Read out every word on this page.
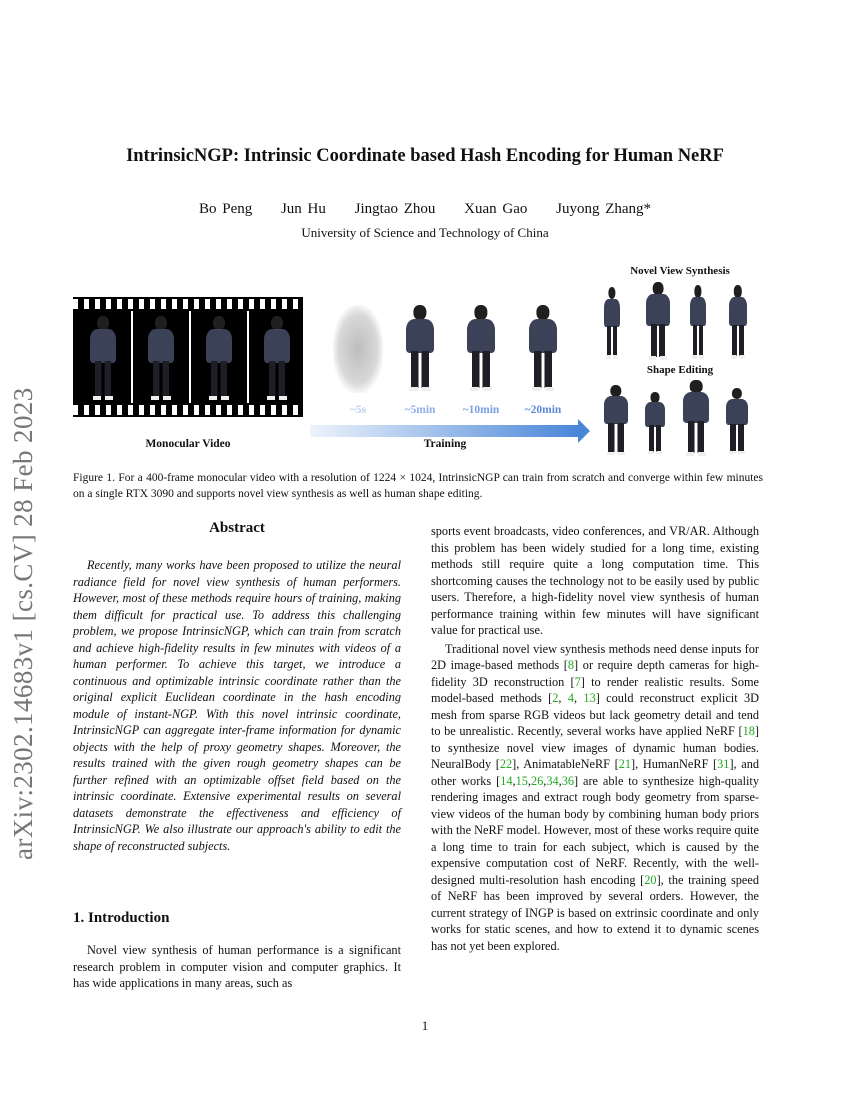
arXiv:2302.14683v1 [cs.CV] 28 Feb 2023
IntrinsicNGP: Intrinsic Coordinate based Hash Encoding for Human NeRF
Bo Peng     Jun Hu     Jingtao Zhou     Xuan Gao     Juyong Zhang*
University of Science and Technology of China
Monocular Video
~5s	~5min	~10min	~20min
Training
Novel View Synthesis
Shape Editing
Figure 1. For a 400-frame monocular video with a resolution of 1224 × 1024, IntrinsicNGP can train from scratch and converge within few minutes on a single RTX 3090 and supports novel view synthesis as well as human shape editing.
Abstract

Recently, many works have been proposed to utilize the neural radiance field for novel view synthesis of human performers. However, most of these methods require hours of training, making them difficult for practical use. To address this challenging problem, we propose IntrinsicNGP, which can train from scratch and achieve high-fidelity results in few minutes with videos of a human performer. To achieve this target, we introduce a continuous and optimizable intrinsic coordinate rather than the original explicit Euclidean coordinate in the hash encoding module of instant-NGP. With this novel intrinsic coordinate, IntrinsicNGP can aggregate inter-frame information for dynamic objects with the help of proxy geometry shapes. Moreover, the results trained with the given rough geometry shapes can be further refined with an optimizable offset field based on the intrinsic coordinate. Extensive experimental results on several datasets demonstrate the effectiveness and efficiency of IntrinsicNGP. We also illustrate our approach's ability to edit the shape of reconstructed subjects.

1. Introduction

Novel view synthesis of human performance is a significant research problem in computer vision and computer graphics. It has wide applications in many areas, such as

sports event broadcasts, video conferences, and VR/AR. Although this problem has been widely studied for a long time, existing methods still require quite a long computation time. This shortcoming causes the technology not to be easily used by public users. Therefore, a high-fidelity novel view synthesis of human performance training within few minutes will have significant value for practical use.

Traditional novel view synthesis methods need dense inputs for 2D image-based methods [8] or require depth cameras for high-fidelity 3D reconstruction [7] to render realistic results. Some model-based methods [2, 4, 13] could reconstruct explicit 3D mesh from sparse RGB videos but lack geometry detail and tend to be unrealistic. Recently, several works have applied NeRF [18] to synthesize novel view images of dynamic human bodies. NeuralBody [22], AnimatableNeRF [21], HumanNeRF [31], and other works [14,15,26,34,36] are able to synthesize high-quality rendering images and extract rough body geometry from sparse-view videos of the human body by combining human body priors with the NeRF model. However, most of these works require quite a long time to train for each subject, which is caused by the expensive computation cost of NeRF. Recently, with the well-designed multi-resolution hash encoding [20], the training speed of NeRF has been improved by several orders. However, the current strategy of INGP is based on extrinsic coordinate and only works for static scenes, and how to extend it to dynamic scenes has not yet been explored.

1
